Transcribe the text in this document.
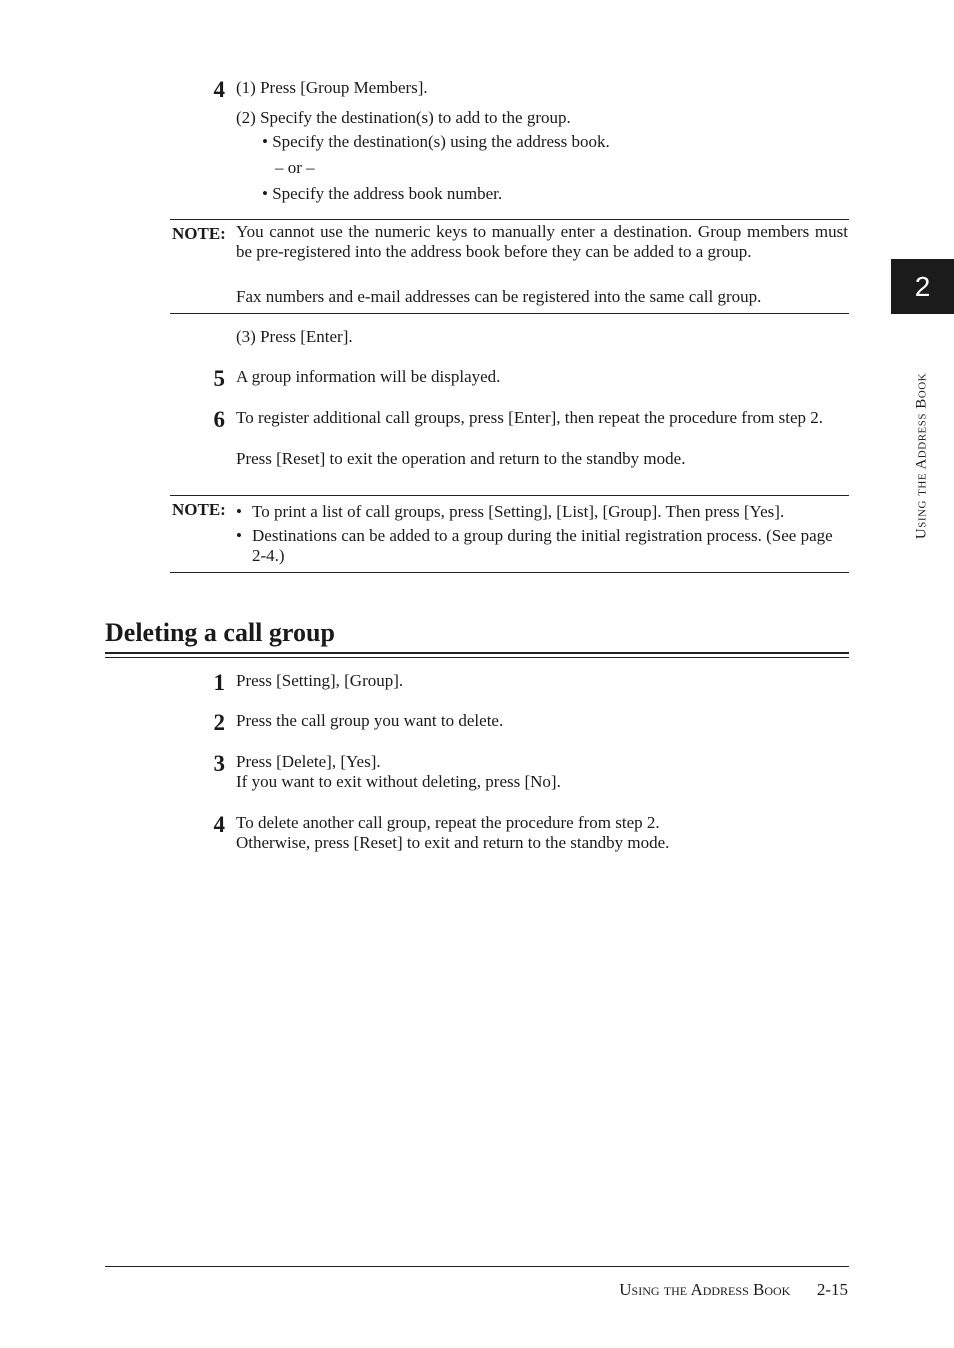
2
Using the Address Book
4 (1) Press [Group Members].
(2) Specify the destination(s) to add to the group.
• Specify the destination(s) using the address book.
– or –
• Specify the address book number.
NOTE: You cannot use the numeric keys to manually enter a destination. Group members must be pre-registered into the address book before they can be added to a group.
Fax numbers and e-mail addresses can be registered into the same call group.
(3) Press [Enter].
5 A group information will be displayed.
6 To register additional call groups, press [Enter], then repeat the procedure from step 2.
Press [Reset] to exit the operation and return to the standby mode.
NOTE: • To print a list of call groups, press [Setting], [List], [Group]. Then press [Yes].
• Destinations can be added to a group during the initial registration process. (See page 2-4.)
Deleting a call group
1 Press [Setting], [Group].
2 Press the call group you want to delete.
3 Press [Delete], [Yes].
If you want to exit without deleting, press [No].
4 To delete another call group, repeat the procedure from step 2.
Otherwise, press [Reset] to exit and return to the standby mode.
Using the Address Book 2-15
